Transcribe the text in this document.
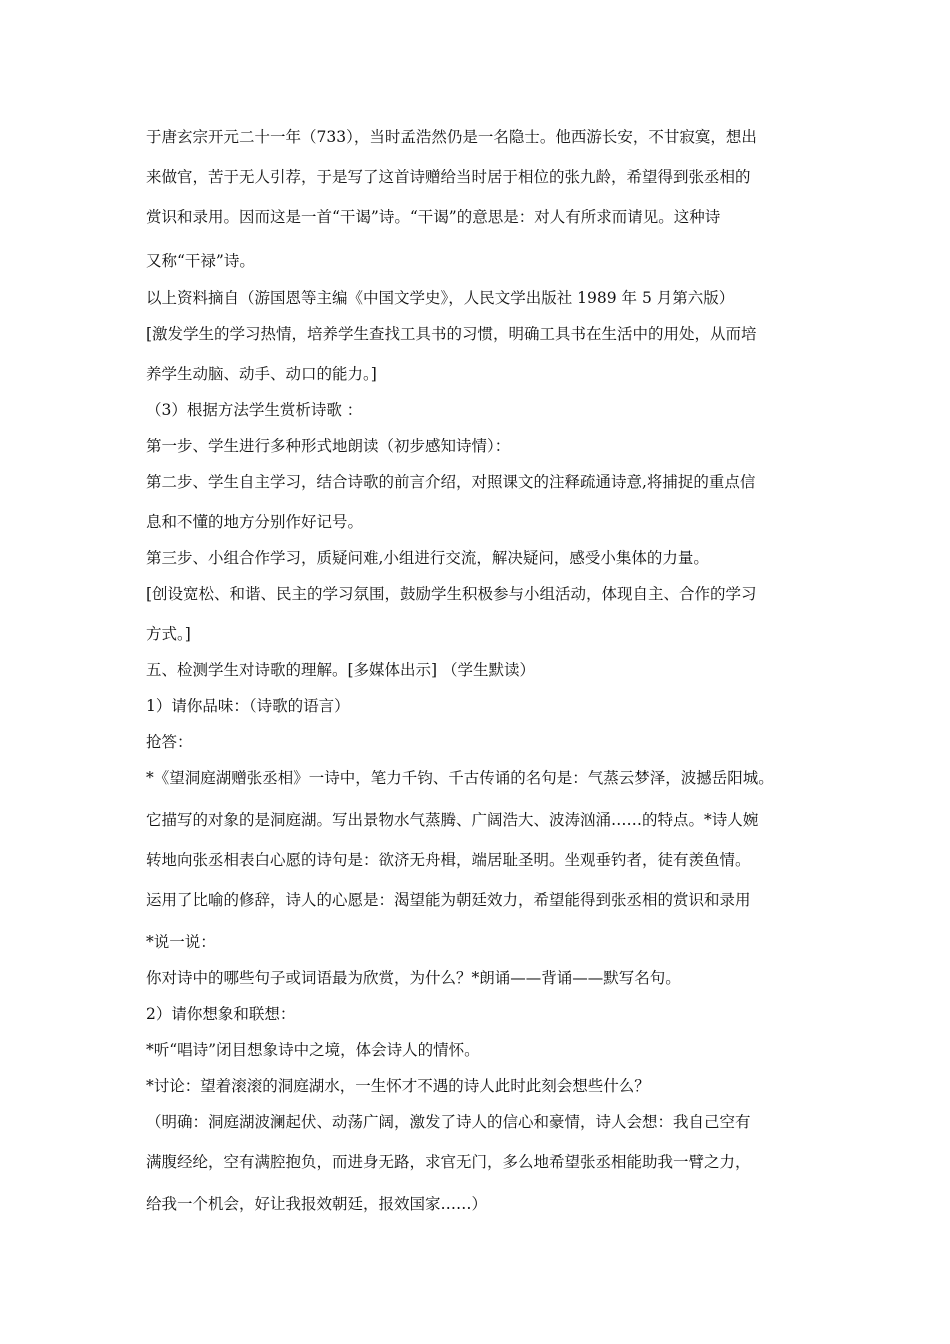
于唐玄宗开元二十一年（733），当时孟浩然仍是一名隐士。他西游长安，不甘寂寞，想出
来做官，苦于无人引荐，于是写了这首诗赠给当时居于相位的张九龄，希望得到张丞相的
赏识和录用。因而这是一首“干谒”诗。“干谒”的意思是：对人有所求而请见。这种诗
又称“干禄”诗。
以上资料摘自（游国恩等主编《中国文学史》，人民文学出版社 1989 年 5 月第六版）
[激发学生的学习热情，培养学生查找工具书的习惯，明确工具书在生活中的用处，从而培
养学生动脑、动手、动口的能力。]
（3）根据方法学生赏析诗歌 ：
第一步、学生进行多种形式地朗读（初步感知诗情）：
第二步、学生自主学习，结合诗歌的前言介绍，对照课文的注释疏通诗意,将捕捉的重点信
息和不懂的地方分别作好记号。
第三步、小组合作学习，质疑问难,小组进行交流，解决疑问，感受小集体的力量。
[创设宽松、和谐、民主的学习氛围，鼓励学生积极参与小组活动，体现自主、合作的学习
方式。]
五、检测学生对诗歌的理解。[多媒体出示] （学生默读）
1）请你品味：（诗歌的语言）
抢答：
*《望洞庭湖赠张丞相》一诗中，笔力千钧、千古传诵的名句是：气蒸云梦泽，波撼岳阳城。
它描写的对象的是洞庭湖。写出景物水气蒸腾、广阔浩大、波涛汹涌……的特点。*诗人婉
转地向张丞相表白心愿的诗句是：欲济无舟楫，端居耻圣明。坐观垂钓者，徒有羡鱼情。
运用了比喻的修辞，诗人的心愿是：渴望能为朝廷效力，希望能得到张丞相的赏识和录用
*说一说：
你对诗中的哪些句子或词语最为欣赏，为什么？*朗诵——背诵——默写名句。
2）请你想象和联想：
*听“唱诗”闭目想象诗中之境，体会诗人的情怀。
*讨论：望着滚滚的洞庭湖水，一生怀才不遇的诗人此时此刻会想些什么？
（明确：洞庭湖波澜起伏、动荡广阔，激发了诗人的信心和豪情，诗人会想：我自己空有
满腹经纶，空有满腔抱负，而进身无路，求官无门，多么地希望张丞相能助我一臂之力，
给我一个机会，好让我报效朝廷，报效国家……）
